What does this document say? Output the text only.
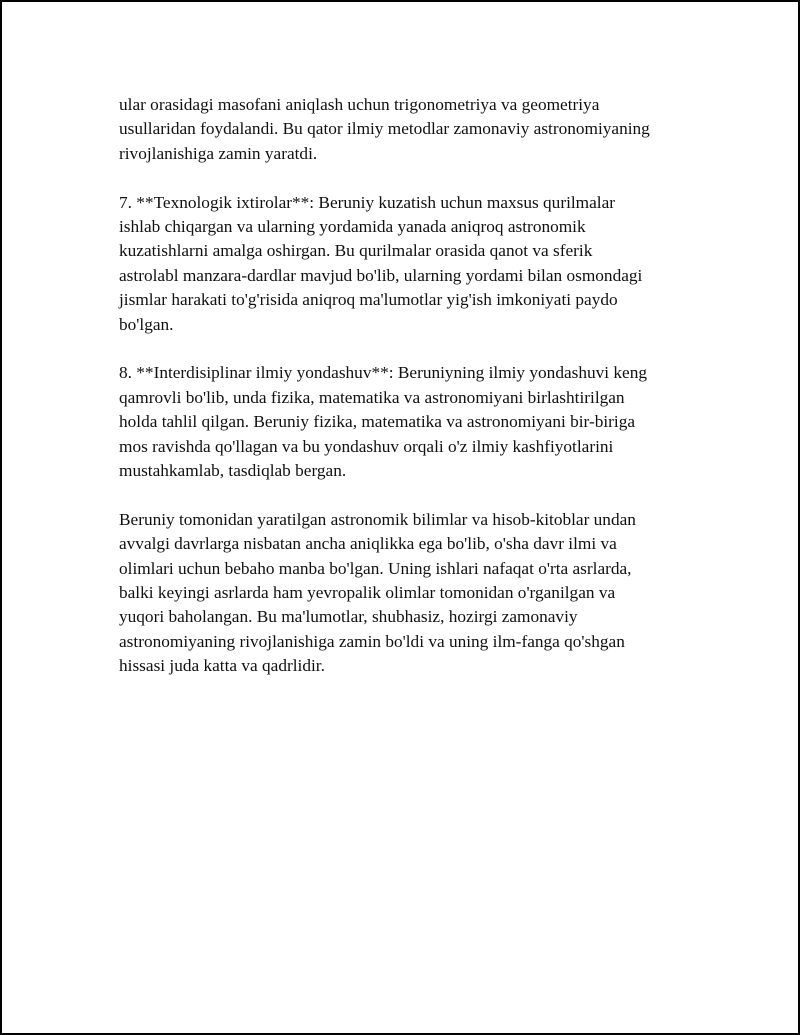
ular orasidagi masofani aniqlash uchun trigonometriya va geometriya
usullaridan foydalandi. Bu qator ilmiy metodlar zamonaviy astronomiyaning
rivojlanishiga zamin yaratdi.

7. **Texnologik ixtirolar**: Beruniy kuzatish uchun maxsus qurilmalar
ishlab chiqargan va ularning yordamida yanada aniqroq astronomik
kuzatishlarni amalga oshirgan. Bu qurilmalar orasida qanot va sferik
astrolabl manzara-dardlar mavjud bo'lib, ularning yordami bilan osmondagi
jismlar harakati to'g'risida aniqroq ma'lumotlar yig'ish imkoniyati paydo
bo'lgan.

8. **Interdisiplinar ilmiy yondashuv**: Beruniyning ilmiy yondashuvi keng
qamrovli bo'lib, unda fizika, matematika va astronomiyani birlashtirilgan
holda tahlil qilgan. Beruniy fizika, matematika va astronomiyani bir-biriga
mos ravishda qo'llagan va bu yondashuv orqali o'z ilmiy kashfiyotlarini
mustahkamlab, tasdiqlab bergan.

Beruniy tomonidan yaratilgan astronomik bilimlar va hisob-kitoblar undan
avvalgi davrlarga nisbatan ancha aniqlikka ega bo'lib, o'sha davr ilmi va
olimlari uchun bebaho manba bo'lgan. Uning ishlari nafaqat o'rta asrlarda,
balki keyingi asrlarda ham yevropalik olimlar tomonidan o'rganilgan va
yuqori baholangan. Bu ma'lumotlar, shubhasiz, hozirgi zamonaviy
astronomiyaning rivojlanishiga zamin bo'ldi va uning ilm-fanga qo'shgan
hissasi juda katta va qadrlidir.
